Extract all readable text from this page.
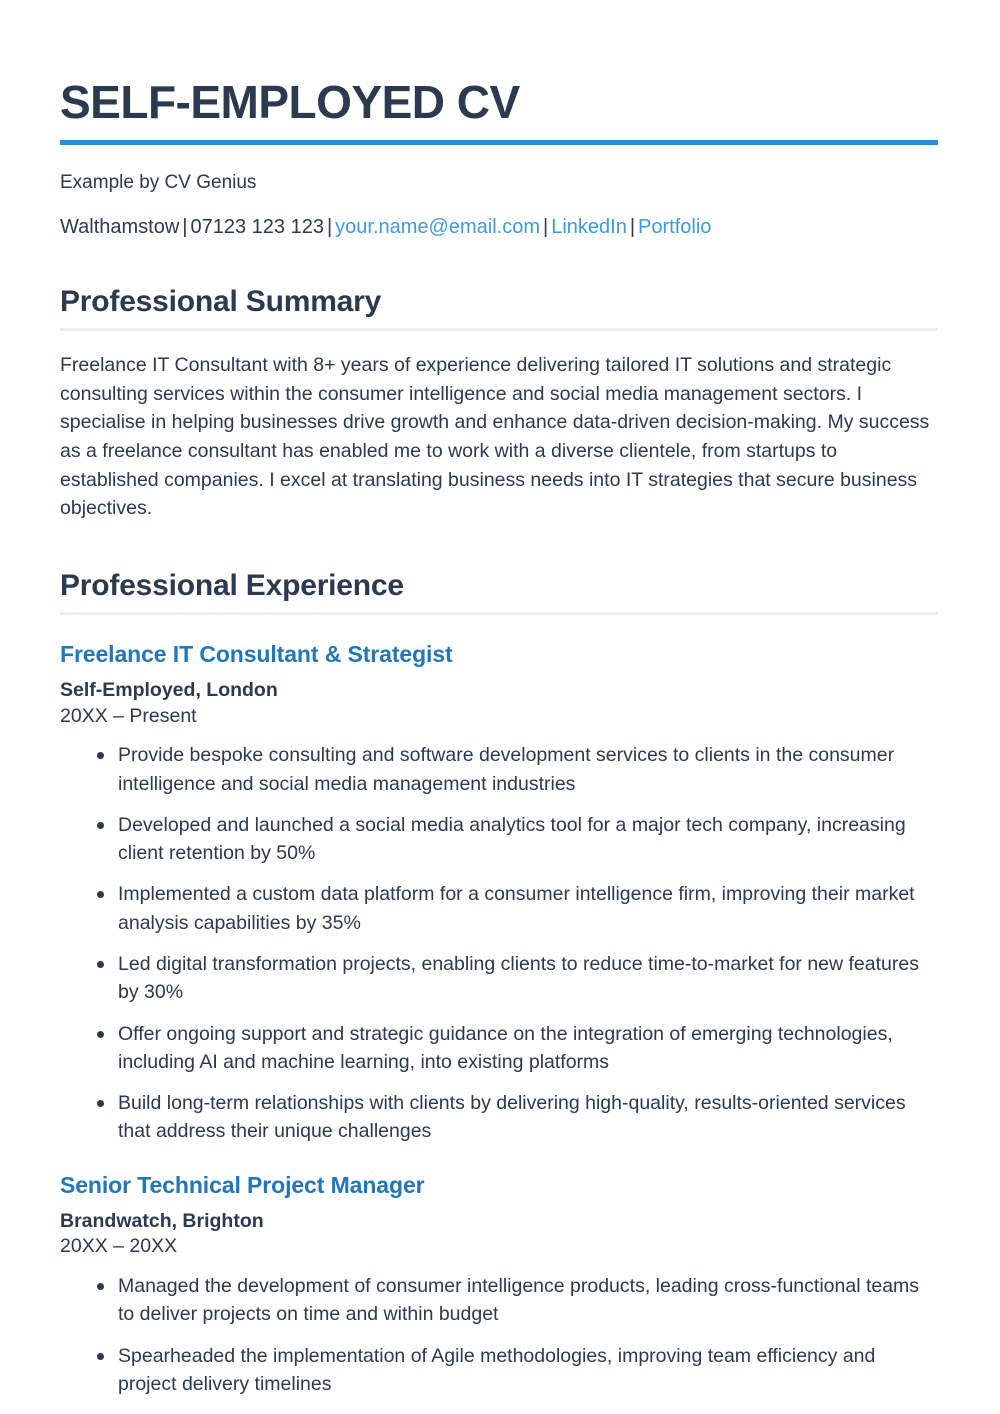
SELF-EMPLOYED CV

Example by CV Genius

Walthamstow | 07123 123 123 | your.name@email.com | LinkedIn | Portfolio

Professional Summary

Freelance IT Consultant with 8+ years of experience delivering tailored IT solutions and strategic consulting services within the consumer intelligence and social media management sectors. I specialise in helping businesses drive growth and enhance data-driven decision-making. My success as a freelance consultant has enabled me to work with a diverse clientele, from startups to established companies. I excel at translating business needs into IT strategies that secure business objectives.

Professional Experience
Freelance IT Consultant & Strategist

Self-Employed, London

20XX – Present

Provide bespoke consulting and software development services to clients in the consumer intelligence and social media management industries
Developed and launched a social media analytics tool for a major tech company, increasing client retention by 50%
Implemented a custom data platform for a consumer intelligence firm, improving their market analysis capabilities by 35%
Led digital transformation projects, enabling clients to reduce time-to-market for new features by 30%
Offer ongoing support and strategic guidance on the integration of emerging technologies, including AI and machine learning, into existing platforms
Build long-term relationships with clients by delivering high-quality, results-oriented services that address their unique challenges
Senior Technical Project Manager

Brandwatch, Brighton

20XX – 20XX

Managed the development of consumer intelligence products, leading cross-functional teams to deliver projects on time and within budget
Spearheaded the implementation of Agile methodologies, improving team efficiency and project delivery timelines
